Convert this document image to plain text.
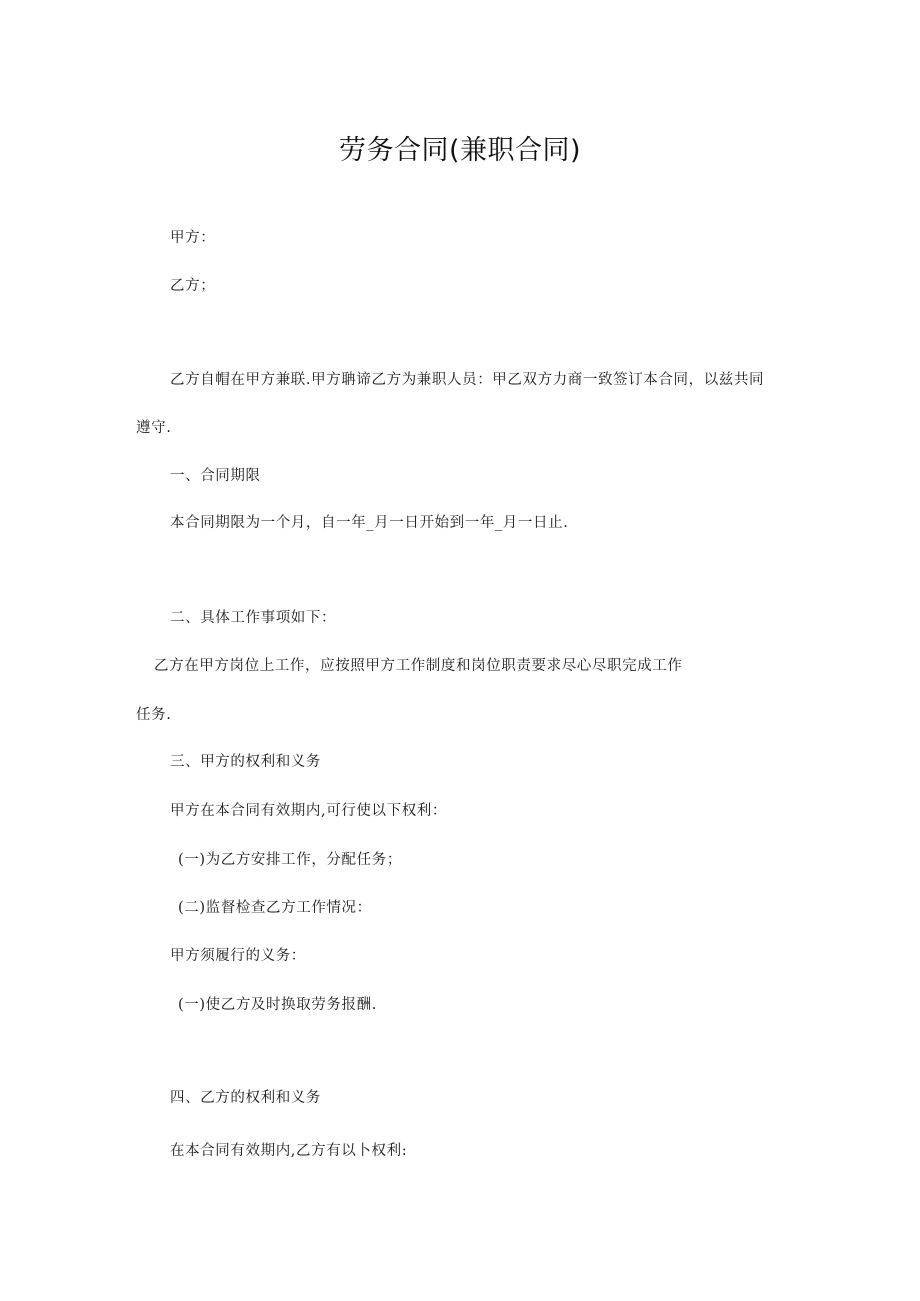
劳务合同(兼职合同)
甲方：
乙方；
乙方自帽在甲方兼联.甲方聃谛乙方为兼职人员：甲乙双方力商一致签订本合同，以兹共同
遵守.
一、合同期限
本合同期限为一个月，自一年_月一日开始到一年_月一日止.
二、具体工作事项如下：
乙方在甲方岗位上工作，应按照甲方工作制度和岗位职责要求尽心尽职完成工作
任务.
三、甲方的权利和义务
甲方在本合同有效期内,可行使以下权利：
(一)为乙方安排工作，分配任务；
(二)监督检查乙方工作情况：
甲方须履行的义务：
(一)使乙方及时换取劳务报酬.
四、乙方的权利和义务
在本合同有效期内,乙方有以卜权利:
